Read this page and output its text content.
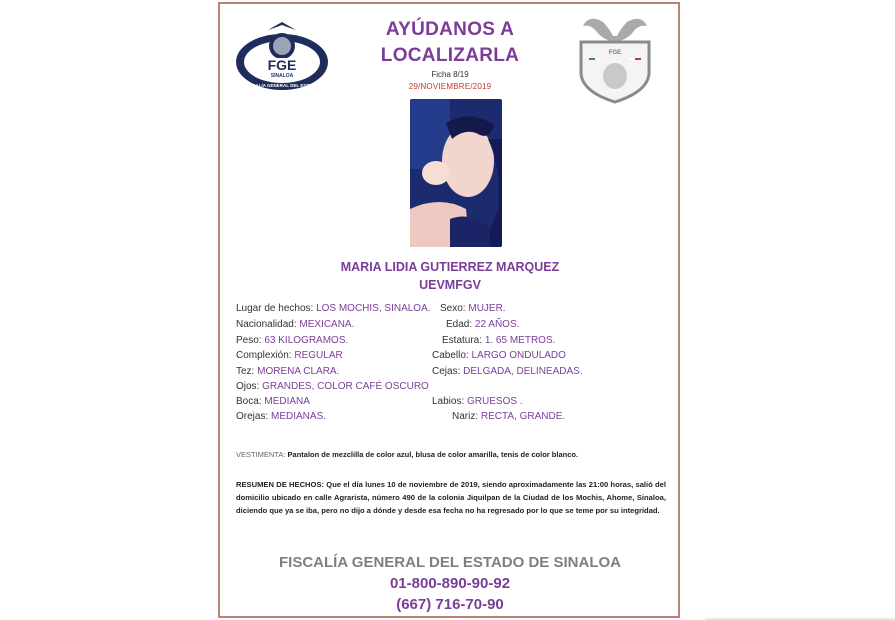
FGE
SINALOA
FISCALÍA GENERAL DEL ESTADO
AYÚDANOS A
LOCALIZARLA
Ficha 8/19
29/NOVIEMBRE/2019
FGE
MARIA LIDIA GUTIERREZ MARQUEZ
UEVMFGV
Lugar de hechos: LOS MOCHIS, SINALOA.
Nacionalidad: MEXICANA.
Peso: 63 KILOGRAMOS.
Complexión: REGULAR
Tez: MORENA CLARA.
Ojos: GRANDES, COLOR CAFÉ OSCURO
Boca: MEDIANA
Orejas: MEDIANAS.
Sexo: MUJER.
Edad: 22 AÑOS.
Estatura: 1. 65 METROS.
Cabello: LARGO ONDULADO
Cejas: DELGADA, DELINEADAS.
Labios: GRUESOS .
Nariz: RECTA, GRANDE.
VESTIMENTA: Pantalon de mezclilla de color azul, blusa de color amarilla, tenis de color blanco.
RESUMEN DE HECHOS: Que el día lunes 10 de noviembre de 2019, siendo aproximadamente las 21:00 horas, salió del domicilio ubicado en calle Agrarista, número 490 de la colonia Jiquilpan de la Ciudad de los Mochis, Ahome, Sinaloa, diciendo que ya se iba, pero no dijo a dónde y desde esa fecha no ha regresado por lo que se teme por su integridad.
FISCALÍA GENERAL DEL ESTADO DE SINALOA
01-800-890-90-92
(667) 716-70-90
